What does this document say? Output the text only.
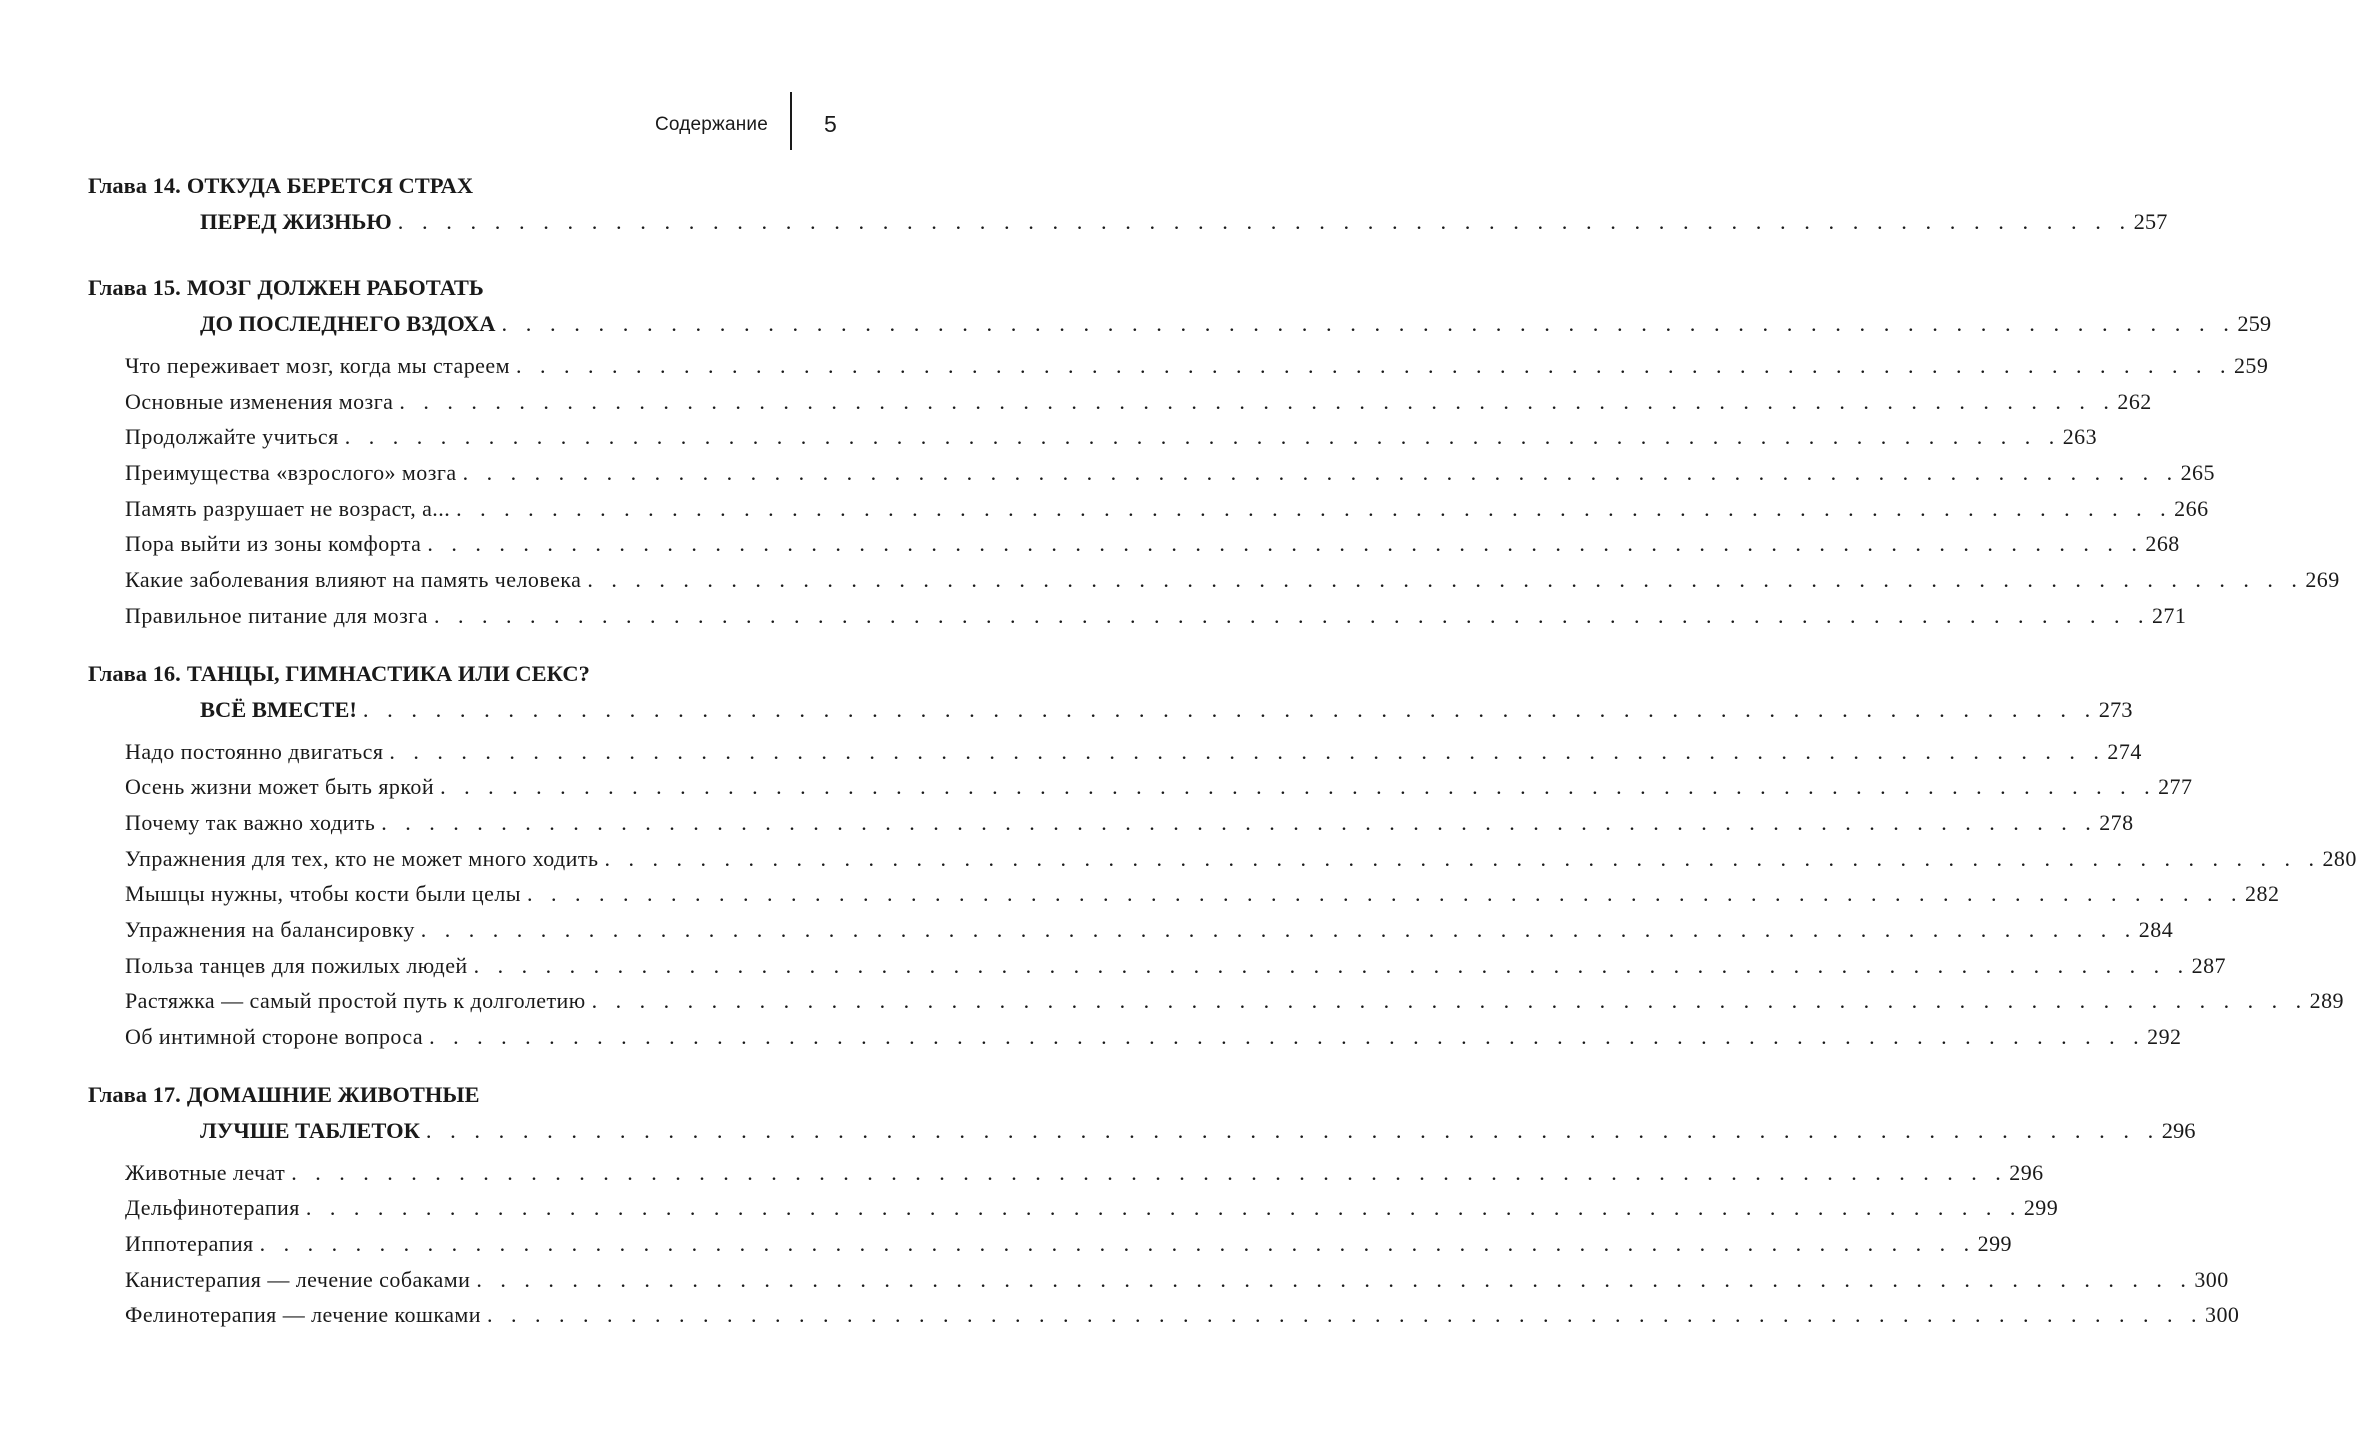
Содержание 5
Глава 14. ОТКУДА БЕРЕТСЯ СТРАХ
ПЕРЕД ЖИЗНЬЮ . . . . . . . . . . . . . . . . . . . . . . . . . . . . . . . . . . . . . . . . . . . . . . . . . . . . . . . . . . . . . . . . . . . . . . . . 257
Глава 15. МОЗГ ДОЛЖЕН РАБОТАТЬ
ДО ПОСЛЕДНЕГО ВЗДОХА . . . . . . . . . . . . . . . . . . . . . . . . . . . . . . . . . . . . . . . . . . . . . . . . . . . . . . . . . . . . . . . . . . . . . . . . 259
Что переживает мозг, когда мы стареем . . . . . . . . . . . . . . . . . . . . . . . . . . . . . . . . . . . . . . . . . . . . . . . . . . . . . . . . . . . . . . . . . . . . . . . . 259
Основные изменения мозга . . . . . . . . . . . . . . . . . . . . . . . . . . . . . . . . . . . . . . . . . . . . . . . . . . . . . . . . . . . . . . . . . . . . . . . . 262
Продолжайте учиться . . . . . . . . . . . . . . . . . . . . . . . . . . . . . . . . . . . . . . . . . . . . . . . . . . . . . . . . . . . . . . . . . . . . . . . . 263
Преимущества «взрослого» мозга . . . . . . . . . . . . . . . . . . . . . . . . . . . . . . . . . . . . . . . . . . . . . . . . . . . . . . . . . . . . . . . . . . . . . . . . 265
Память разрушает не возраст, а... . . . . . . . . . . . . . . . . . . . . . . . . . . . . . . . . . . . . . . . . . . . . . . . . . . . . . . . . . . . . . . . . . . . . . . . . 266
Пора выйти из зоны комфорта . . . . . . . . . . . . . . . . . . . . . . . . . . . . . . . . . . . . . . . . . . . . . . . . . . . . . . . . . . . . . . . . . . . . . . . . 268
Какие заболевания влияют на память человека . . . . . . . . . . . . . . . . . . . . . . . . . . . . . . . . . . . . . . . . . . . . . . . . . . . . . . . . . . . . . . . . . . . . . . . . 269
Правильное питание для мозга . . . . . . . . . . . . . . . . . . . . . . . . . . . . . . . . . . . . . . . . . . . . . . . . . . . . . . . . . . . . . . . . . . . . . . . . 271
Глава 16. ТАНЦЫ, ГИМНАСТИКА ИЛИ СЕКС?
ВСЁ ВМЕСТЕ! . . . . . . . . . . . . . . . . . . . . . . . . . . . . . . . . . . . . . . . . . . . . . . . . . . . . . . . . . . . . . . . . . . . . . . . . 273
Надо постоянно двигаться . . . . . . . . . . . . . . . . . . . . . . . . . . . . . . . . . . . . . . . . . . . . . . . . . . . . . . . . . . . . . . . . . . . . . . . . 274
Осень жизни может быть яркой . . . . . . . . . . . . . . . . . . . . . . . . . . . . . . . . . . . . . . . . . . . . . . . . . . . . . . . . . . . . . . . . . . . . . . . . 277
Почему так важно ходить . . . . . . . . . . . . . . . . . . . . . . . . . . . . . . . . . . . . . . . . . . . . . . . . . . . . . . . . . . . . . . . . . . . . . . . . 278
Упражнения для тех, кто не может много ходить . . . . . . . . . . . . . . . . . . . . . . . . . . . . . . . . . . . . . . . . . . . . . . . . . . . . . . . . . . . . . . . . . . . . . . . . 280
Мышцы нужны, чтобы кости были целы . . . . . . . . . . . . . . . . . . . . . . . . . . . . . . . . . . . . . . . . . . . . . . . . . . . . . . . . . . . . . . . . . . . . . . . . 282
Упражнения на балансировку . . . . . . . . . . . . . . . . . . . . . . . . . . . . . . . . . . . . . . . . . . . . . . . . . . . . . . . . . . . . . . . . . . . . . . . . 284
Польза танцев для пожилых людей . . . . . . . . . . . . . . . . . . . . . . . . . . . . . . . . . . . . . . . . . . . . . . . . . . . . . . . . . . . . . . . . . . . . . . . . 287
Растяжка — самый простой путь к долголетию . . . . . . . . . . . . . . . . . . . . . . . . . . . . . . . . . . . . . . . . . . . . . . . . . . . . . . . . . . . . . . . . . . . . . . . . 289
Об интимной стороне вопроса . . . . . . . . . . . . . . . . . . . . . . . . . . . . . . . . . . . . . . . . . . . . . . . . . . . . . . . . . . . . . . . . . . . . . . . . 292
Глава 17. ДОМАШНИЕ ЖИВОТНЫЕ
ЛУЧШЕ ТАБЛЕТОК . . . . . . . . . . . . . . . . . . . . . . . . . . . . . . . . . . . . . . . . . . . . . . . . . . . . . . . . . . . . . . . . . . . . . . . . 296
Животные лечат . . . . . . . . . . . . . . . . . . . . . . . . . . . . . . . . . . . . . . . . . . . . . . . . . . . . . . . . . . . . . . . . . . . . . . . . 296
Дельфинотерапия . . . . . . . . . . . . . . . . . . . . . . . . . . . . . . . . . . . . . . . . . . . . . . . . . . . . . . . . . . . . . . . . . . . . . . . . 299
Иппотерапия . . . . . . . . . . . . . . . . . . . . . . . . . . . . . . . . . . . . . . . . . . . . . . . . . . . . . . . . . . . . . . . . . . . . . . . . 299
Канистерапия — лечение собаками . . . . . . . . . . . . . . . . . . . . . . . . . . . . . . . . . . . . . . . . . . . . . . . . . . . . . . . . . . . . . . . . . . . . . . . . 300
Фелинотерапия — лечение кошками . . . . . . . . . . . . . . . . . . . . . . . . . . . . . . . . . . . . . . . . . . . . . . . . . . . . . . . . . . . . . . . . . . . . . . . . 300
